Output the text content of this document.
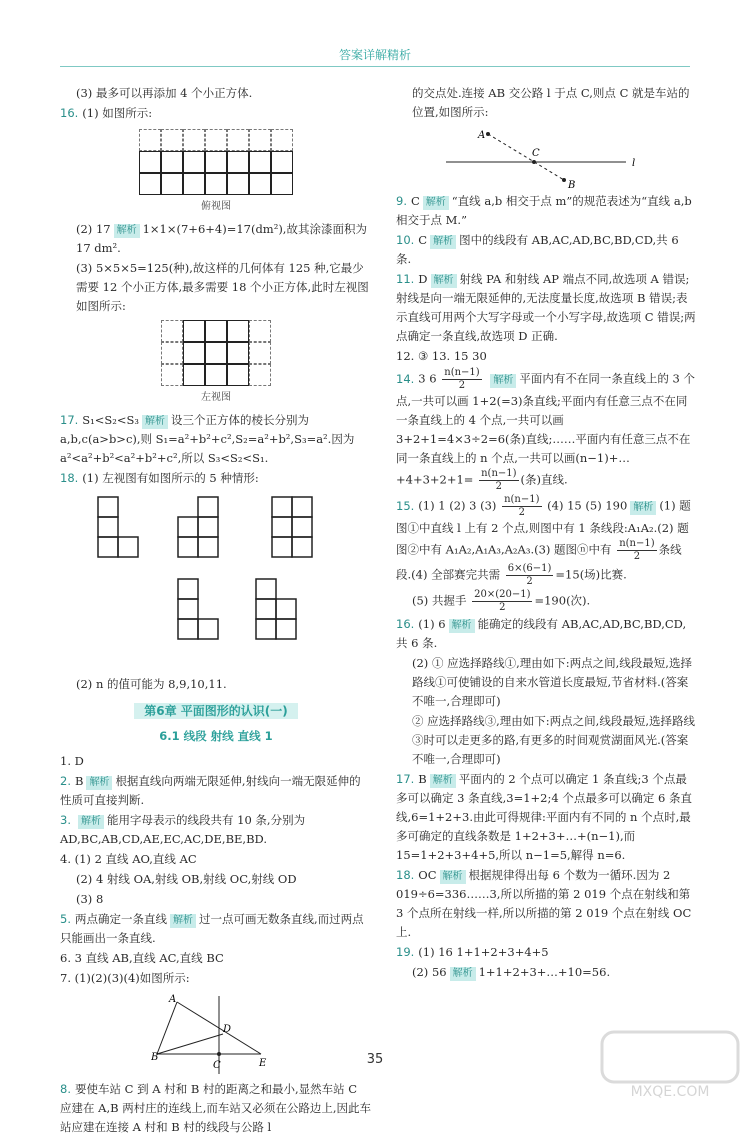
答案详解精析

(3) 最多可以再添加 4 个小正方体.

16. (1) 如图所示:

俯视图

(2) 17 解析 1×1×(7+6+4)=17(dm²),故其涂漆面积为 17 dm².

(3) 5×5×5=125(种),故这样的几何体有 125 种,它最少需要 12 个小正方体,最多需要 18 个小正方体,此时左视图如图所示:

左视图

17. S₁<S₂<S₃ 解析 设三个正方体的棱长分别为 a,b,c(a>b>c),则 S₁=a²+b²+c²,S₂=a²+b²,S₃=a².因为 a²<a²+b²<a²+b²+c²,所以 S₃<S₂<S₁.

18. (1) 左视图有如图所示的 5 种情形:

(2) n 的值可能为 8,9,10,11.

第6章 平面图形的认识(一)
6.1 线段 射线 直线 1

1. D

2. B 解析 根据直线向两端无限延伸,射线向一端无限延伸的性质可直接判断.

3. 解析 能用字母表示的线段共有 10 条,分别为 AD,BC,AB,CD,AE,EC,AC,DE,BE,BD.

4. (1) 2 直线 AO,直线 AC

(2) 4 射线 OA,射线 OB,射线 OC,射线 OD

(3) 8

5. 两点确定一条直线 解析 过一点可画无数条直线,而过两点只能画出一条直线.

6. 3 直线 AB,直线 AC,直线 BC

7. (1)(2)(3)(4)如图所示:

A
B
C
D
E

8. 要使车站 C 到 A 村和 B 村的距离之和最小,显然车站 C 应建在 A,B 两村庄的连线上,而车站又必须在公路边上,因此车站应建在连接 A 村和 B 村的线段与公路 l

的交点处.连接 AB 交公路 l 于点 C,则点 C 就是车站的位置,如图所示:

A
C
B
l

9. C 解析 “直线 a,b 相交于点 m”的规范表述为“直线 a,b 相交于点 M.”

10. C 解析 图中的线段有 AB,AC,AD,BC,BD,CD,共 6 条.

11. D 解析 射线 PA 和射线 AP 端点不同,故选项 A 错误;射线是向一端无限延伸的,无法度量长度,故选项 B 错误;表示直线可用两个大写字母或一个小写字母,故选项 C 错误;两点确定一条直线,故选项 D 正确.

12. ③ 13. 15 30

14. 3 $6 \frac{n(n-1)}{2}$ 解析 平面内有不在同一条直线上的 3 个点,一共可以画 1+2(=3)条直线;平面内有任意三点不在同一条直线上的 4 个点,一共可以画 3+2+1=4×3÷2=6(条)直线;……平面内有任意三点不在同一条直线上的 n 个点,一共可以画(n−1)+…+4+3+2+1= $\frac{n(n-1)}{2}$ (条)直线.

15. (1) 1 (2) 3 $(3) \frac{n(n-1)}{2} (4)$ 15 (5) 190 解析 (1) 题图①中直线 l 上有 2 个点,则图中有 1 条线段:A₁A₂.(2) 题图②中有 A₁A₂,A₁A₃,A₂A₃.(3) 题图ⓝ中有 $\frac{n(n-1)}{2}$ 条线段.(4) 全部赛完共需 $\frac{6\times(6-1)}{2} =15$(场)比赛.

(5) 共握手 $\frac{20\times(20-1)}{2} =190$(次).

16. (1) 6 解析 能确定的线段有 AB,AC,AD,BC,BD,CD,共 6 条.

(2) ① 应选择路线①,理由如下:两点之间,线段最短,选择路线①可使铺设的自来水管道长度最短,节省材料.(答案不唯一,合理即可)

② 应选择路线③,理由如下:两点之间,线段最短,选择路线③时可以走更多的路,有更多的时间观赏湖面风光.(答案不唯一,合理即可)

17. B 解析 平面内的 2 个点可以确定 1 条直线;3 个点最多可以确定 3 条直线,3=1+2;4 个点最多可以确定 6 条直线,6=1+2+3.由此可得规律:平面内有不同的 n 个点时,最多可确定的直线条数是 1+2+3+…+(n−1),而 15=1+2+3+4+5,所以 n−1=5,解得 n=6.

18. OC 解析 根据规律得出每 6 个数为一循环.因为 2 019÷6=336……3,所以所描的第 2 019 个点在射线和第 3 个点所在射线一样,所以所描的第 2 019 个点在射线 OC 上.

19. (1) 16 1+1+2+3+4+5

(2) 56 解析 1+1+2+3+…+10=56.

35
MXQE.COM
